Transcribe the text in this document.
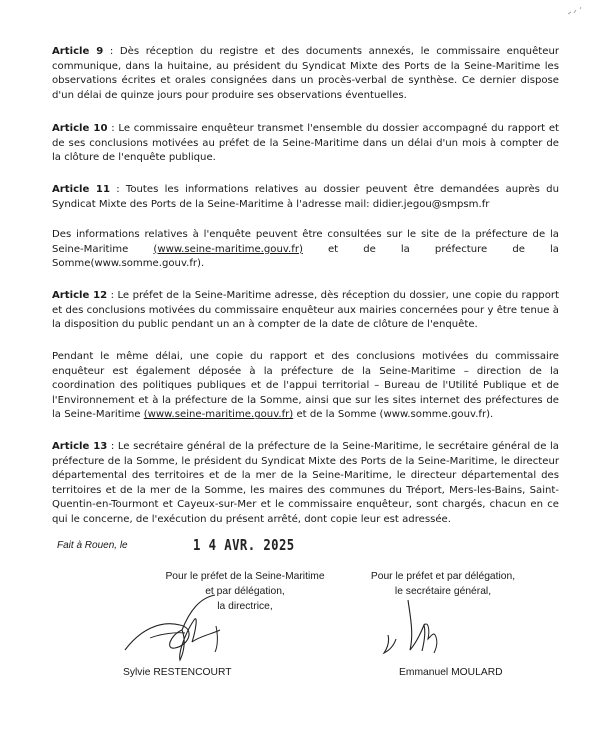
Article 9 : Dès réception du registre et des documents annexés, le commissaire enquêteur communique, dans la huitaine, au président du Syndicat Mixte des Ports de la Seine-Maritime les observations écrites et orales consignées dans un procès-verbal de synthèse. Ce dernier dispose d'un délai de quinze jours pour produire ses observations éventuelles.

Article 10 : Le commissaire enquêteur transmet l'ensemble du dossier accompagné du rapport et de ses conclusions motivées au préfet de la Seine-Maritime dans un délai d'un mois à compter de la clôture de l'enquête publique.

Article 11 : Toutes les informations relatives au dossier peuvent être demandées auprès du Syndicat Mixte des Ports de la Seine-Maritime à l'adresse mail: didier.jegou@smpsm.fr

Des informations relatives à l'enquête peuvent être consultées sur le site de la préfecture de la Seine-Maritime (www.seine-maritime.gouv.fr) et de la préfecture de la Somme(www.somme.gouv.fr).

Article 12 : Le préfet de la Seine-Maritime adresse, dès réception du dossier, une copie du rapport et des conclusions motivées du commissaire enquêteur aux mairies concernées pour y être tenue à la disposition du public pendant un an à compter de la date de clôture de l'enquête.

Pendant le même délai, une copie du rapport et des conclusions motivées du commissaire enquêteur est également déposée à la préfecture de la Seine-Maritime – direction de la coordination des politiques publiques et de l'appui territorial – Bureau de l'Utilité Publique et de l'Environnement et à la préfecture de la Somme, ainsi que sur les sites internet des préfectures de la Seine-Maritime (www.seine-maritime.gouv.fr) et de la Somme (www.somme.gouv.fr).

Article 13 : Le secrétaire général de la préfecture de la Seine-Maritime, le secrétaire général de la préfecture de la Somme, le président du Syndicat Mixte des Ports de la Seine-Maritime, le directeur départemental des territoires et de la mer de la Seine-Maritime, le directeur départemental des territoires et de la mer de la Somme, les maires des communes du Tréport, Mers-les-Bains, Saint-Quentin-en-Tourmont et Cayeux-sur-Mer et le commissaire enquêteur, sont chargés, chacun en ce qui le concerne, de l'exécution du présent arrêté, dont copie leur est adressée.

Fait à Rouen, le	1 4 AVR. 2025
Pour le préfet de la Seine-Maritime
et par délégation,
la directrice,
Sylvie RESTENCOURT
Pour le préfet et par délégation,
le secrétaire général,
Emmanuel MOULARD
